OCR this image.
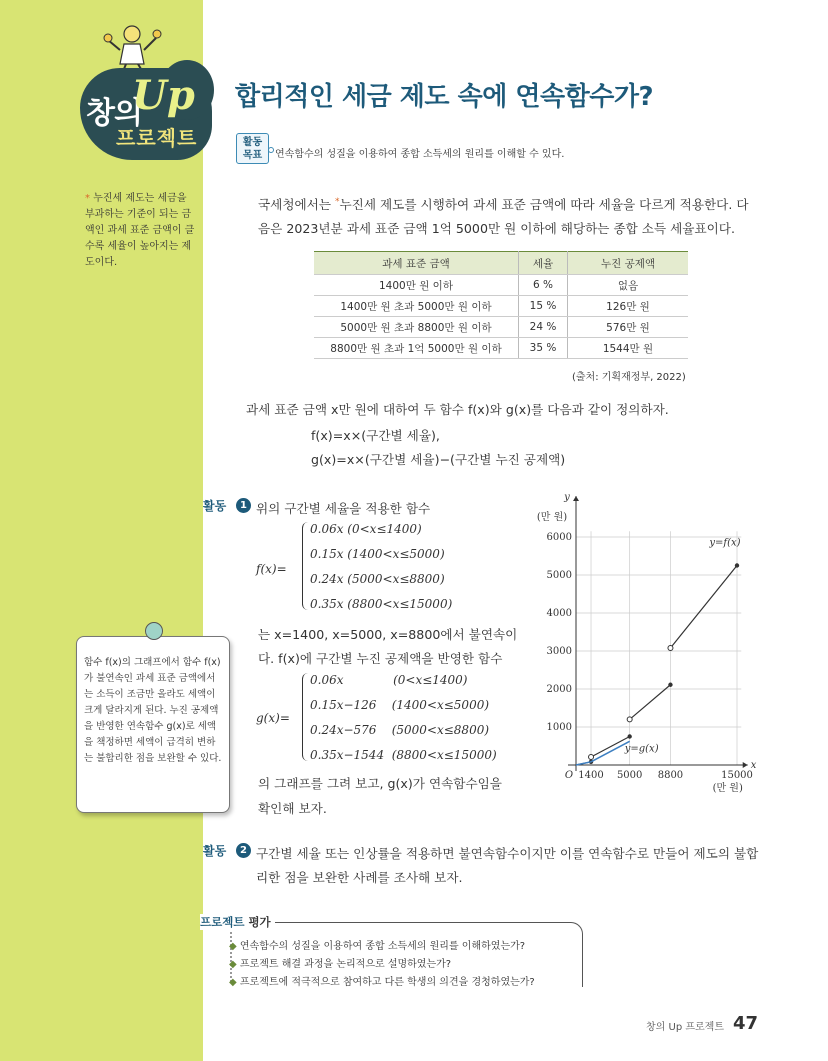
창의
Up
프로젝트
* 누진세 제도는 세금을 부과하는 기준이 되는 금액인 과세 표준 금액이 클수록 세율이 높아지는 제도이다.
함수 f(x)의 그래프에서 함수 f(x)가 불연속인 과세 표준 금액에서는 소득이 조금만 올라도 세액이 크게 달라지게 된다. 누진 공제액을 반영한 연속함수 g(x)로 세액을 책정하면 세액이 급격히 변하는 불합리한 점을 보완할 수 있다.
합리적인 세금 제도 속에 연속함수가?
활동
목표	연속함수의 성질을 이용하여 종합 소득세의 원리를 이해할 수 있다.
국세청에서는 *누진세 제도를 시행하여 과세 표준 금액에 따라 세율을 다르게 적용한다. 다음은 2023년분 과세 표준 금액 1억 5000만 원 이하에 해당하는 종합 소득 세율표이다.
과세 표준 금액	세율	누진 공제액
1400만 원 이하	6 %	없음
1400만 원 초과 5000만 원 이하	15 %	126만 원
5000만 원 초과 8800만 원 이하	24 %	576만 원
8800만 원 초과 1억 5000만 원 이하	35 %	1544만 원
(출처: 기획재정부, 2022)
과세 표준 금액 x만 원에 대하여 두 함수 f(x)와 g(x)를 다음과 같이 정의하자.
f(x)=x×(구간별 세율),
g(x)=x×(구간별 세율)−(구간별 누진 공제액)
활동	1 위의 구간별 세율을 적용한 함수
f(x)=
0.06x (0<x≤1400)
0.15x (1400<x≤5000)
0.24x (5000<x≤8800)
0.35x (8800<x≤15000)
는 x=1400, x=5000, x=8800에서 불연속이
다. f(x)에 구간별 누진 공제액을 반영한 함수
g(x)=
0.06x             (0<x≤1400)
0.15x−126    (1400<x≤5000)
0.24x−576    (5000<x≤8800)
0.35x−1544  (8800<x≤15000)
의 그래프를 그려 보고, g(x)가 연속함수임을
확인해 보자.
1400 5000 8800	15000
1000
2000
3000
4000
5000
6000
O
y
(만 원)
x
(만 원)
y=f(x)
y=g(x)
활동	2 구간별 세율 또는 인상률을 적용하면 불연속함수이지만 이를 연속함수로 만들어 제도의 불합
리한 점을 보완한 사례를 조사해 보자.
프로젝트 평가
◆ 연속함수의 성질을 이용하여 종합 소득세의 원리를 이해하였는가?
◆ 프로젝트 해결 과정을 논리적으로 설명하였는가?
◆ 프로젝트에 적극적으로 참여하고 다른 학생의 의견을 경청하였는가?
창의 Up 프로젝트 47
